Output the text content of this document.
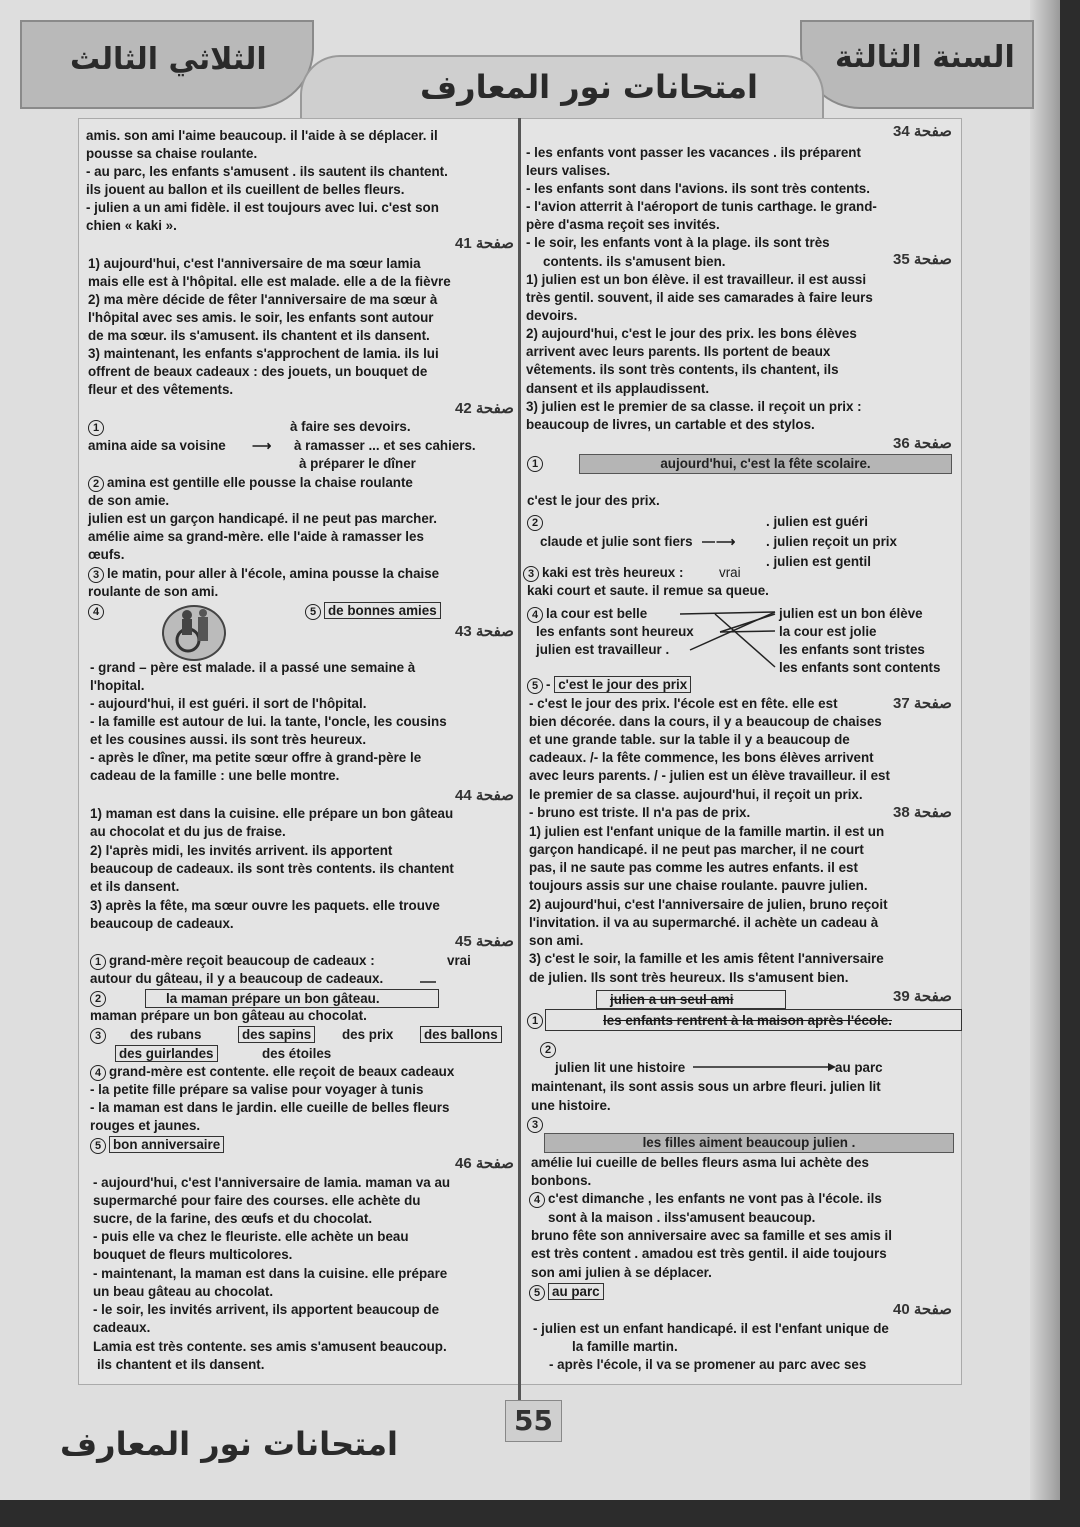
الثلاثي الثالث	السنة الثالثة
امتحانات نور المعارف
amis. son ami l'aime beaucoup. il l'aide à se déplacer. il
pousse sa chaise roulante.
- au parc, les enfants s'amusent . ils sautent ils chantent.
ils jouent au ballon et ils cueillent de belles fleurs.
- julien a un ami fidèle. il est toujours avec lui. c'est son
chien « kaki ».
صفحة 41
1) aujourd'hui, c'est l'anniversaire de ma sœur lamia
mais elle est à l'hôpital. elle est malade. elle a de la fièvre
2) ma mère décide de fêter l'anniversaire de ma sœur à
l'hôpital avec ses amis. le soir, les enfants sont autour
de ma sœur. ils s'amusent. ils chantent et ils dansent.
3) maintenant, les enfants s'approchent de lamia. ils lui
offrent de beaux cadeaux : des jouets, un bouquet de
fleur et des vêtements.
صفحة 42
1	à faire ses devoirs.
amina aide sa voisine ⟶ à ramasser ... et ses cahiers.
à préparer le dîner
2 amina est gentille elle pousse la chaise roulante
de son amie.
julien est un garçon handicapé. il ne peut pas marcher.
amélie aime sa grand-mère. elle l'aide à ramasser les
œufs.
3 le matin, pour aller à l'école, amina pousse la chaise
roulante de son ami.
4	5 de bonnes amies
صفحة 43
- grand – père est malade. il a passé une semaine à
l'hopital.
- aujourd'hui, il est guéri. il sort de l'hôpital.
- la famille est autour de lui. la tante, l'oncle, les cousins
et les cousines aussi. ils sont très heureux.
- après le dîner, ma petite sœur offre à grand-père le
cadeau de la famille : une belle montre.
صفحة 44
1) maman est dans la cuisine. elle prépare un bon gâteau
au chocolat et du jus de fraise.
2) l'après midi, les invités arrivent. ils apportent
beaucoup de cadeaux. ils sont très contents. ils chantent
et ils dansent.
3) après la fête, ma sœur ouvre les paquets. elle trouve
beaucoup de cadeaux.
صفحة 45
1 grand-mère reçoit beaucoup de cadeaux :	vrai
autour du gâteau, il y a beaucoup de cadeaux.
2	la maman prépare un bon gâteau.
maman prépare un bon gâteau au chocolat.
3	des rubans	des sapins des prix des ballons
des guirlandes	des étoiles
4 grand-mère est contente. elle reçoit de beaux cadeaux
- la petite fille prépare sa valise pour voyager à tunis
- la maman est dans le jardin. elle cueille de belles fleurs
rouges et jaunes.
5 bon anniversaire
صفحة 46
- aujourd'hui, c'est l'anniversaire de lamia. maman va au
supermarché pour faire des courses. elle achète du
sucre, de la farine, des œufs et du chocolat.
- puis elle va chez le fleuriste. elle achète un beau
bouquet de fleurs multicolores.
- maintenant, la maman est dans la cuisine. elle prépare
un beau gâteau au chocolat.
- le soir, les invités arrivent, ils apportent beaucoup de
cadeaux.
Lamia est très contente. ses amis s'amusent beaucoup.
ils chantent et ils dansent.
صفحة 34
- les enfants vont passer les vacances . ils préparent
leurs valises.
- les enfants sont dans l'avions. ils sont très contents.
- l'avion atterrit à l'aéroport de tunis carthage. le grand-
père d'asma reçoit ses invités.
- le soir, les enfants vont à la plage. ils sont très
contents. ils s'amusent bien.	صفحة 35
1) julien est un bon élève. il est travailleur. il est aussi
très gentil. souvent, il aide ses camarades à faire leurs
devoirs.
2) aujourd'hui, c'est le jour des prix. les bons élèves
arrivent avec leurs parents. Ils portent de beaux
vêtements. ils sont très contents, ils chantent, ils
dansent et ils applaudissent.
3) julien est le premier de sa classe. il reçoit un prix :
beaucoup de livres, un cartable et des stylos.
صفحة 36
1	aujourd'hui, c'est la fête scolaire.
c'est le jour des prix.
2	. julien est guéri
claude et julie sont fiers ⟶ . julien reçoit un prix
. julien est gentil
3 kaki est très heureux :	vrai
kaki court et saute. il remue sa queue.
4 la cour est belle	julien est un bon élève
les enfants sont heureux	la cour est jolie
julien est travailleur .	les enfants sont tristes
les enfants sont contents
5 - c'est le jour des prix
صفحة 37
- c'est le jour des prix. l'école est en fête. elle est
bien décorée. dans la cours, il y a beaucoup de chaises
et une grande table. sur la table il y a beaucoup de
cadeaux. /- la fête commence, les bons élèves arrivent
avec leurs parents. / - julien est un élève travailleur. il est
le premier de sa classe. aujourd'hui, il reçoit un prix.
- bruno est triste. Il n'a pas de prix.	صفحة 38
1) julien est l'enfant unique de la famille martin. il est un
garçon handicapé. il ne peut pas marcher, il ne court
pas, il ne saute pas comme les autres enfants. il est
toujours assis sur une chaise roulante. pauvre julien.
2) aujourd'hui, c'est l'anniversaire de julien, bruno reçoit
l'invitation. il va au supermarché. il achète un cadeau à
son ami.
3) c'est le soir, la famille et les amis fêtent l'anniversaire
de julien. Ils sont très heureux. Ils s'amusent bien.
julien a un seul ami	صفحة 39
1	les enfants rentrent à la maison après l'école.
2
julien lit une histoire	au parc
maintenant, ils sont assis sous un arbre fleuri. julien lit
une histoire.
3
les filles aiment beaucoup julien .
amélie lui cueille de belles fleurs asma lui achète des
bonbons.
4 c'est dimanche , les enfants ne vont pas à l'école. ils
sont à la maison . ilss'amusent beaucoup.
bruno fête son anniversaire avec sa famille et ses amis il
est très content . amadou est très gentil. il aide toujours
son ami julien à se déplacer.
5 au parc
صفحة 40
- julien est un enfant handicapé. il est l'enfant unique de
la famille martin.
- après l'école, il va se promener au parc avec ses
55
امتحانات نور المعارف
